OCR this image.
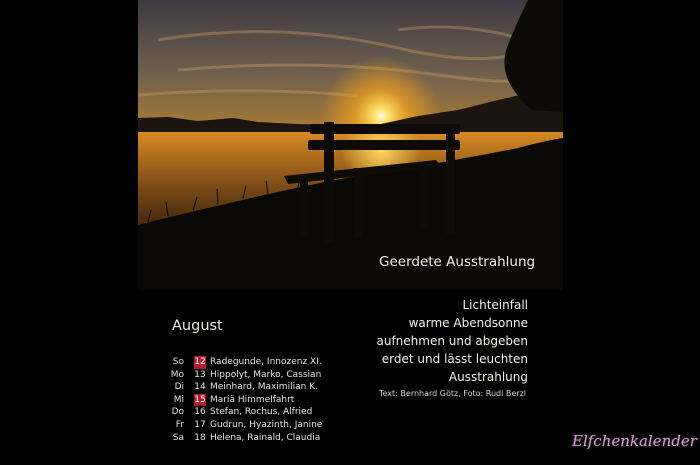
August
So 12 Radegunde, Innozenz XI.
Mo 13 Hippolyt, Marko, Cassian
Di 14 Meinhard, Maximilian K.
Mi 15 Mariä Himmelfahrt
Do 16 Stefan, Rochus, Alfried
Fr 17 Gudrun, Hyazinth, Janine
Sa 18 Helena, Rainald, Claudia
Geerdete Ausstrahlung
Lichteinfall
warme Abendsonne
aufnehmen und abgeben
erdet und lässt leuchten
Ausstrahlung
Text: Bernhard Götz, Foto: Rudi Berzl
Elfchenkalender
